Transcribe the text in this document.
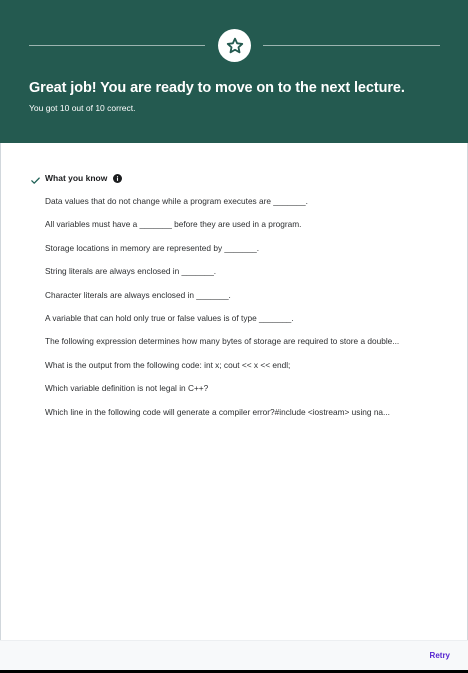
Great job! You are ready to move on to the next lecture.
You got 10 out of 10 correct.
What you know
Data values that do not change while a program executes are _______.
All variables must have a _______ before they are used in a program.
Storage locations in memory are represented by _______.
String literals are always enclosed in _______.
Character literals are always enclosed in _______.
A variable that can hold only true or false values is of type _______.
The following expression determines how many bytes of storage are required to store a double...
What is the output from the following code: int x; cout << x << endl;
Which variable definition is not legal in C++?
Which line in the following code will generate a compiler error?#include <iostream> using na...
Retry
